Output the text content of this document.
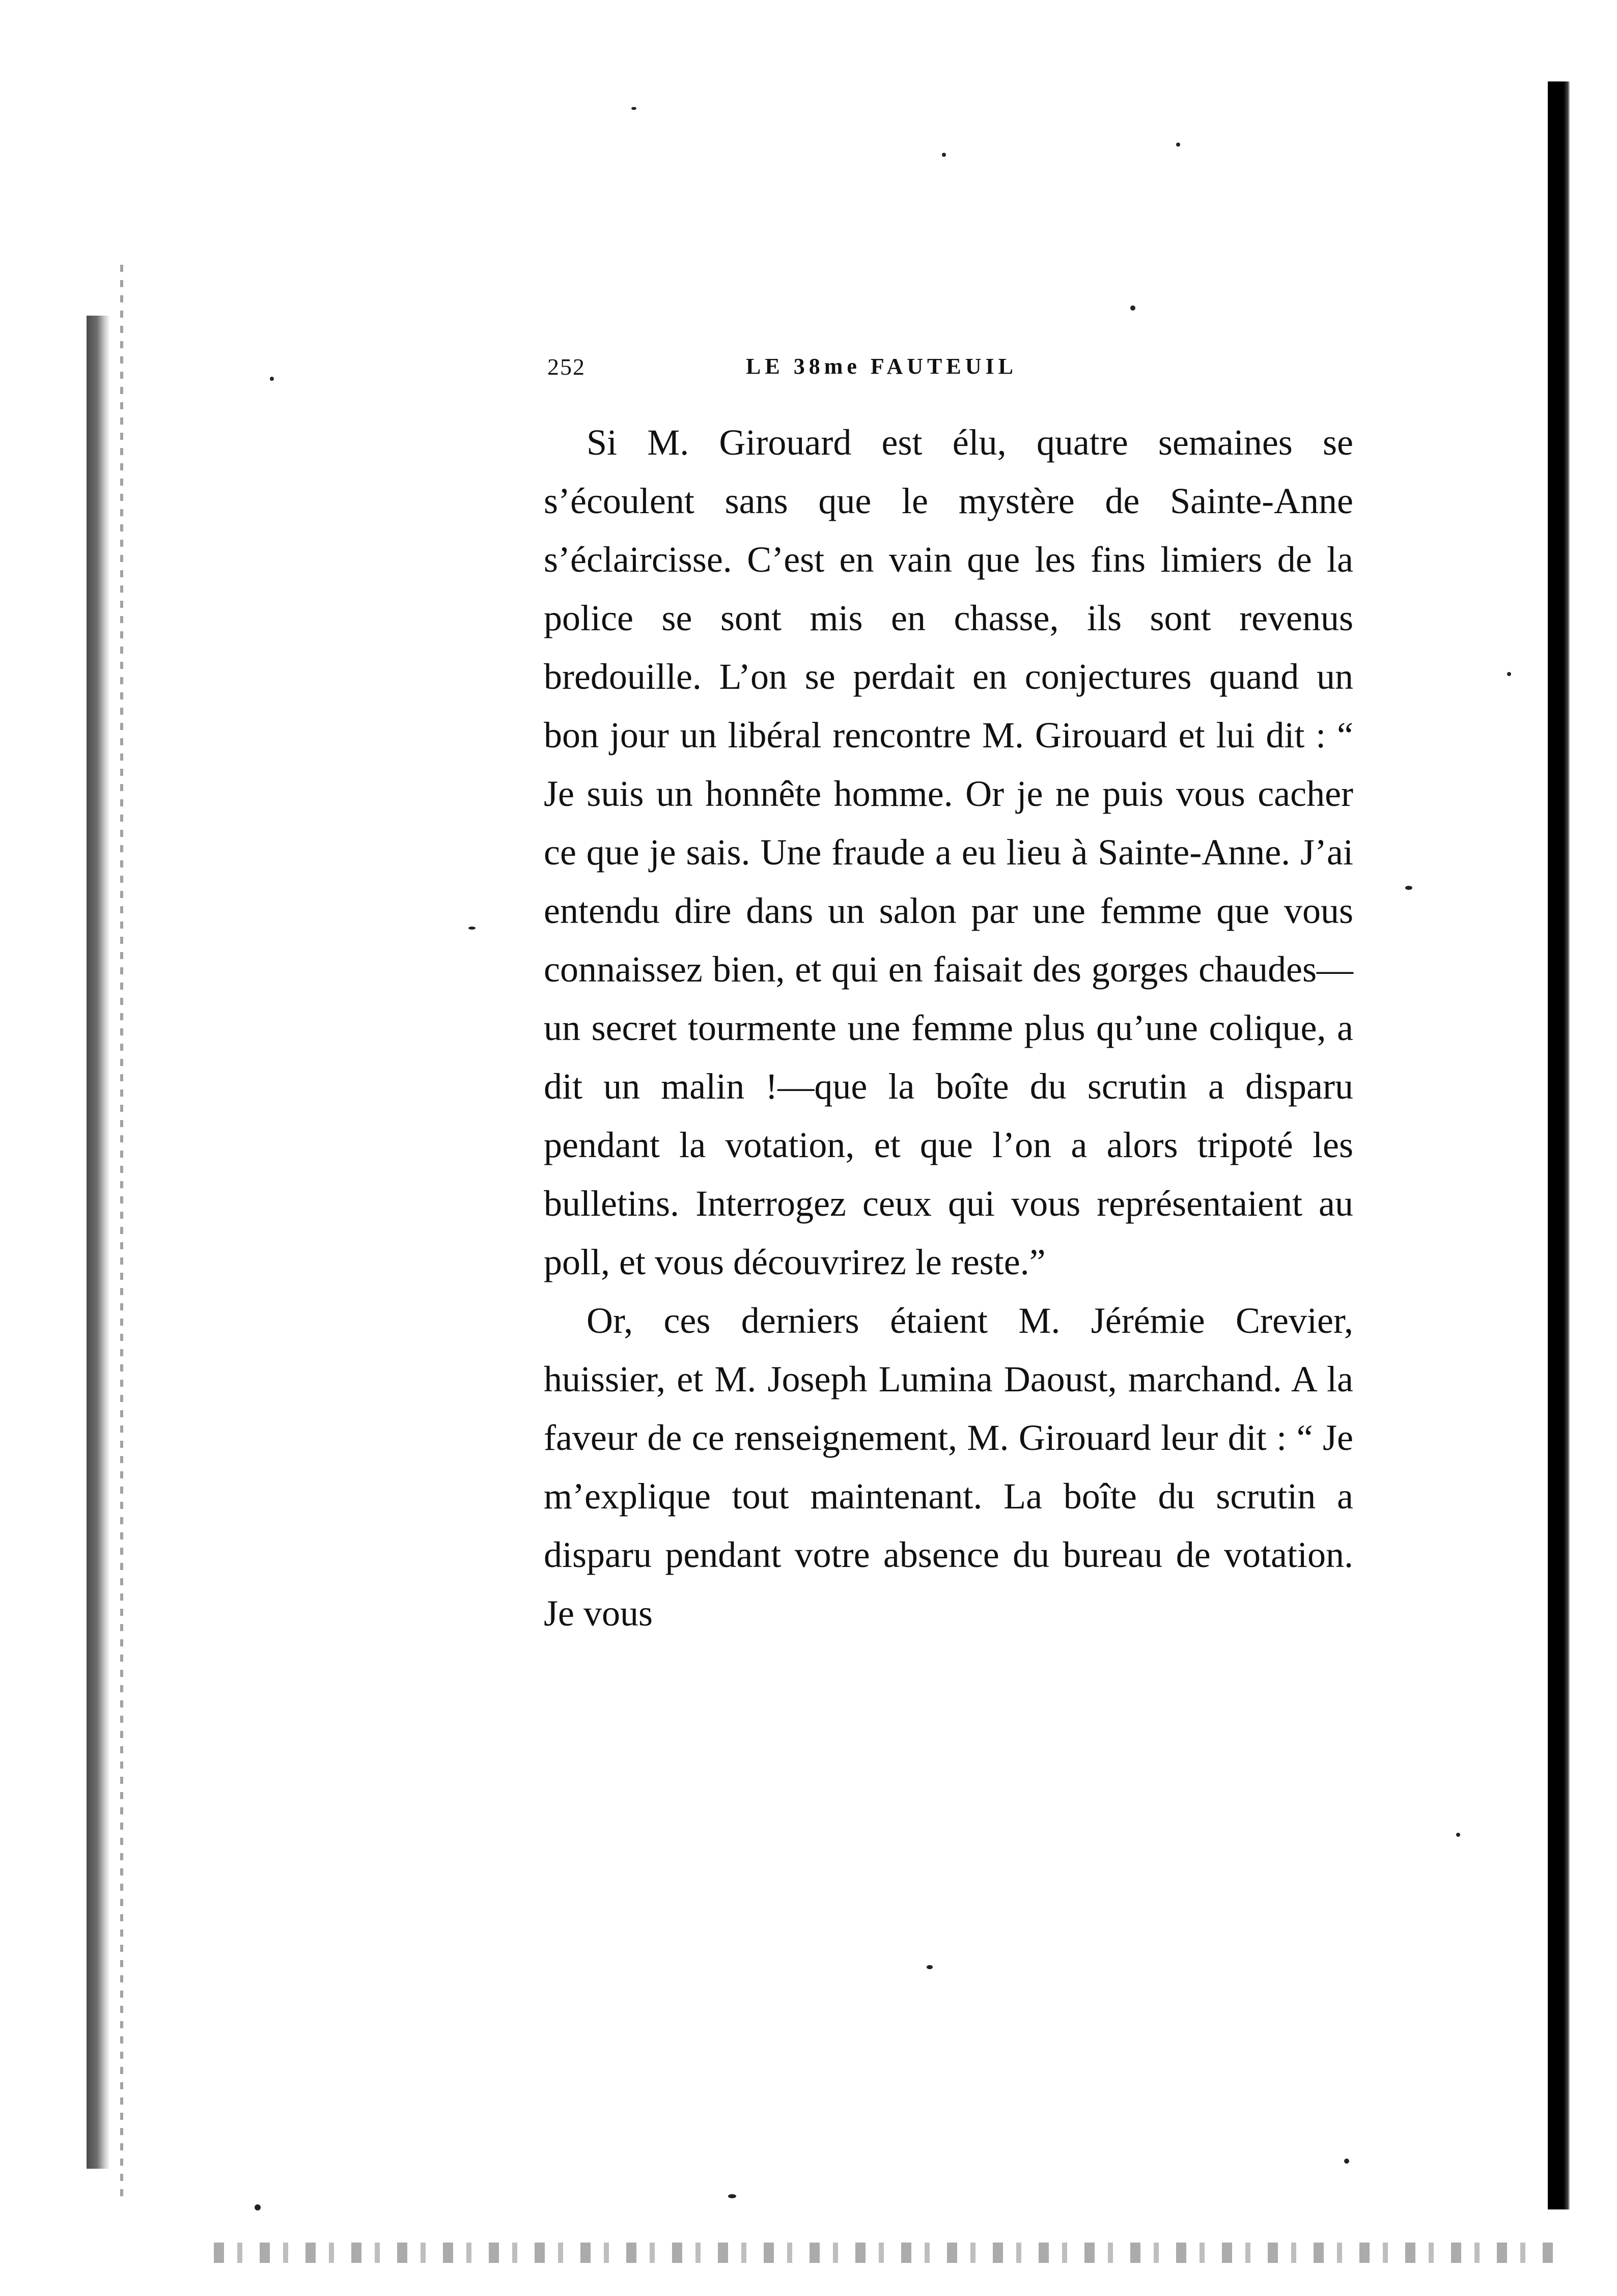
252	LE 38me FAUTEUIL

Si M. Girouard est élu, quatre semaines se s’écoulent sans que le mystère de Sainte-Anne s’éclaircisse. C’est en vain que les fins limiers de la police se sont mis en chasse, ils sont revenus bredouille. L’on se perdait en conjectures quand un bon jour un libéral rencontre M. Girouard et lui dit : “ Je suis un honnête homme. Or je ne puis vous cacher ce que je sais. Une fraude a eu lieu à Sainte-Anne. J’ai entendu dire dans un salon par une femme que vous connaissez bien, et qui en faisait des gorges chaudes—un secret tourmente une femme plus qu’une colique, a dit un malin !—que la boîte du scrutin a disparu pendant la votation, et que l’on a alors tripoté les bulletins. Interrogez ceux qui vous représentaient au poll, et vous découvrirez le reste.”

Or, ces derniers étaient M. Jérémie Crevier, huissier, et M. Joseph Lumina Daoust, marchand. A la faveur de ce renseignement, M. Girouard leur dit : “ Je m’explique tout maintenant. La boîte du scrutin a disparu pendant votre absence du bureau de votation. Je vous
